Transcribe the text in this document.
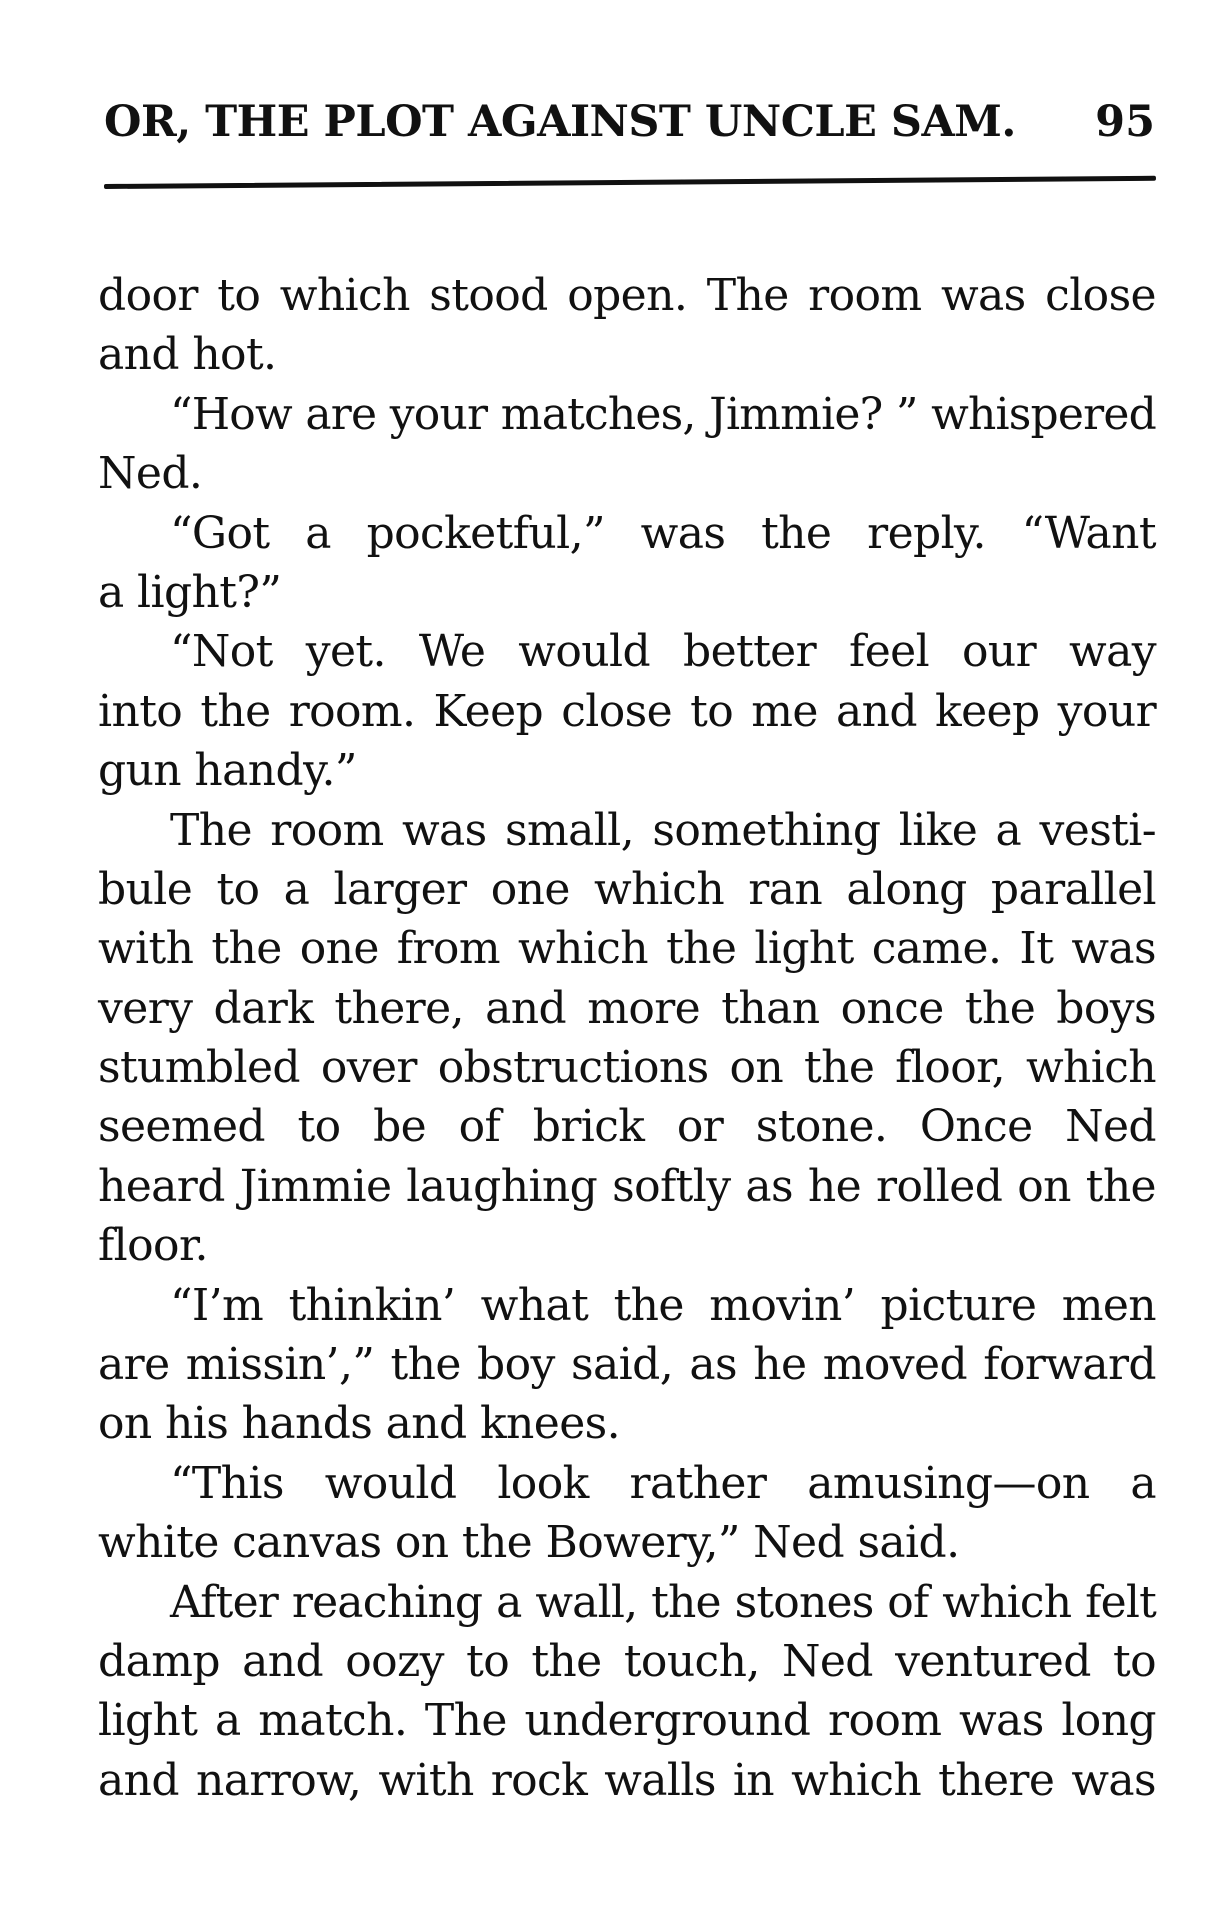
OR, THE PLOT AGAINST UNCLE SAM. 95
door to which stood open. The room was close
and hot.
“How are your matches, Jimmie? ” whispered
Ned.
“Got a pocketful,” was the reply. “Want
a light?”
“Not yet. We would better feel our way
into the room. Keep close to me and keep your
gun handy.”
The room was small, something like a vesti-
bule to a larger one which ran along parallel
with the one from which the light came. It was
very dark there, and more than once the boys
stumbled over obstructions on the floor, which
seemed to be of brick or stone. Once Ned
heard Jimmie laughing softly as he rolled on the
floor.
“I’m thinkin’ what the movin’ picture men
are missin’,” the boy said, as he moved forward
on his hands and knees.
“This would look rather amusing—on a
white canvas on the Bowery,” Ned said.
After reaching a wall, the stones of which felt
damp and oozy to the touch, Ned ventured to
light a match. The underground room was long
and narrow, with rock walls in which there was
